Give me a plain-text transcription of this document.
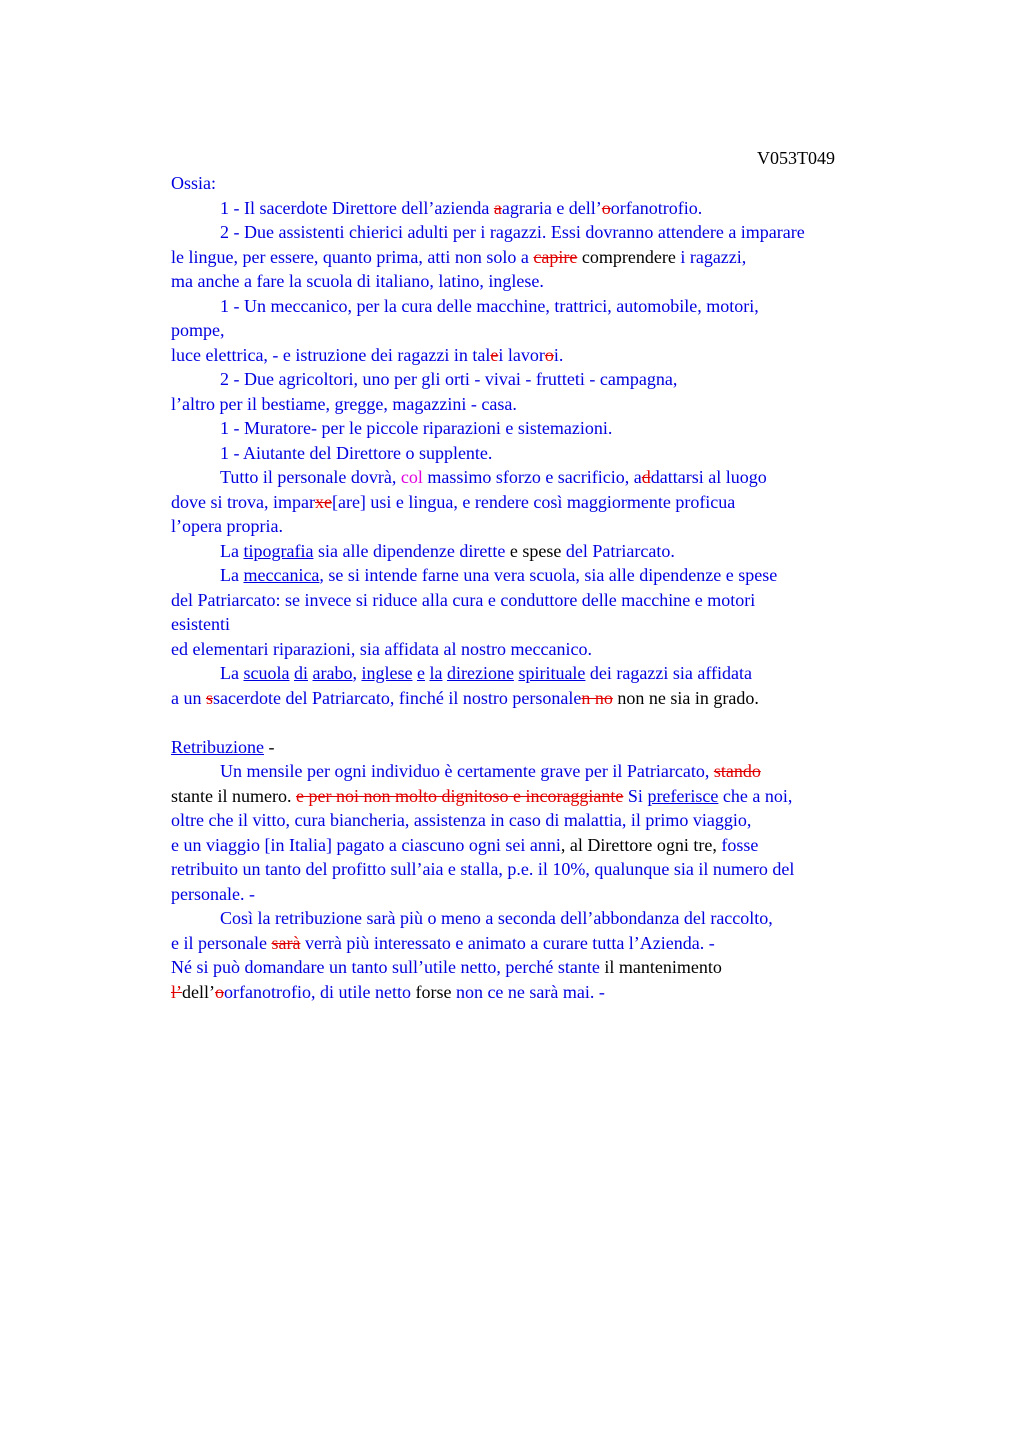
V053T049
Ossia:
1 - Il sacerdote Direttore dell’azienda aagraria e dell’oorfanotrofio.
2 - Due assistenti chierici adulti per i ragazzi. Essi dovranno attendere a imparare
le lingue, per essere, quanto prima, atti non solo a capire comprendere i ragazzi,
ma anche a fare la scuola di italiano, latino, inglese.
1 - Un meccanico, per la cura delle macchine, trattrici, automobile, motori,
pompe,
luce elettrica, - e istruzione dei ragazzi in talei lavoroi.
2 - Due agricoltori, uno per gli orti - vivai - frutteti - campagna,
l’altro per il bestiame, gregge, magazzini - casa.
1 - Muratore- per le piccole riparazioni e sistemazioni.
1 - Aiutante del Direttore o supplente.
Tutto il personale dovrà, col massimo sforzo e sacrificio, addattarsi al luogo
dove si trova, imparxe[are] usi e lingua, e rendere così maggiormente proficua
l’opera propria.
La tipografia sia alle dipendenze dirette e spese del Patriarcato.
La meccanica, se si intende farne una vera scuola, sia alle dipendenze e spese
del Patriarcato: se invece si riduce alla cura e conduttore delle macchine e motori
esistenti
ed elementari riparazioni, sia affidata al nostro meccanico.
La scuola di arabo, inglese e la direzione spirituale dei ragazzi sia affidata
a un ssacerdote del Patriarcato, finché il nostro personalen no non ne sia in grado.
Retribuzione -
Un mensile per ogni individuo è certamente grave per il Patriarcato, stando
stante il numero. e per noi non molto dignitoso e incoraggiante Si preferisce che a noi,
oltre che il vitto, cura biancheria, assistenza in caso di malattia, il primo viaggio,
e un viaggio [in Italia] pagato a ciascuno ogni sei anni, al Direttore ogni tre, fosse
retribuito un tanto del profitto sull’aia e stalla, p.e. il 10%, qualunque sia il numero del
personale. -
Così la retribuzione sarà più o meno a seconda dell’abbondanza del raccolto,
e il personale sarà verrà più interessato e animato a curare tutta l’Azienda. -
Né si può domandare un tanto sull’utile netto, perché stante il mantenimento
l’dell’oorfanotrofio, di utile netto forse non ce ne sarà mai. -
